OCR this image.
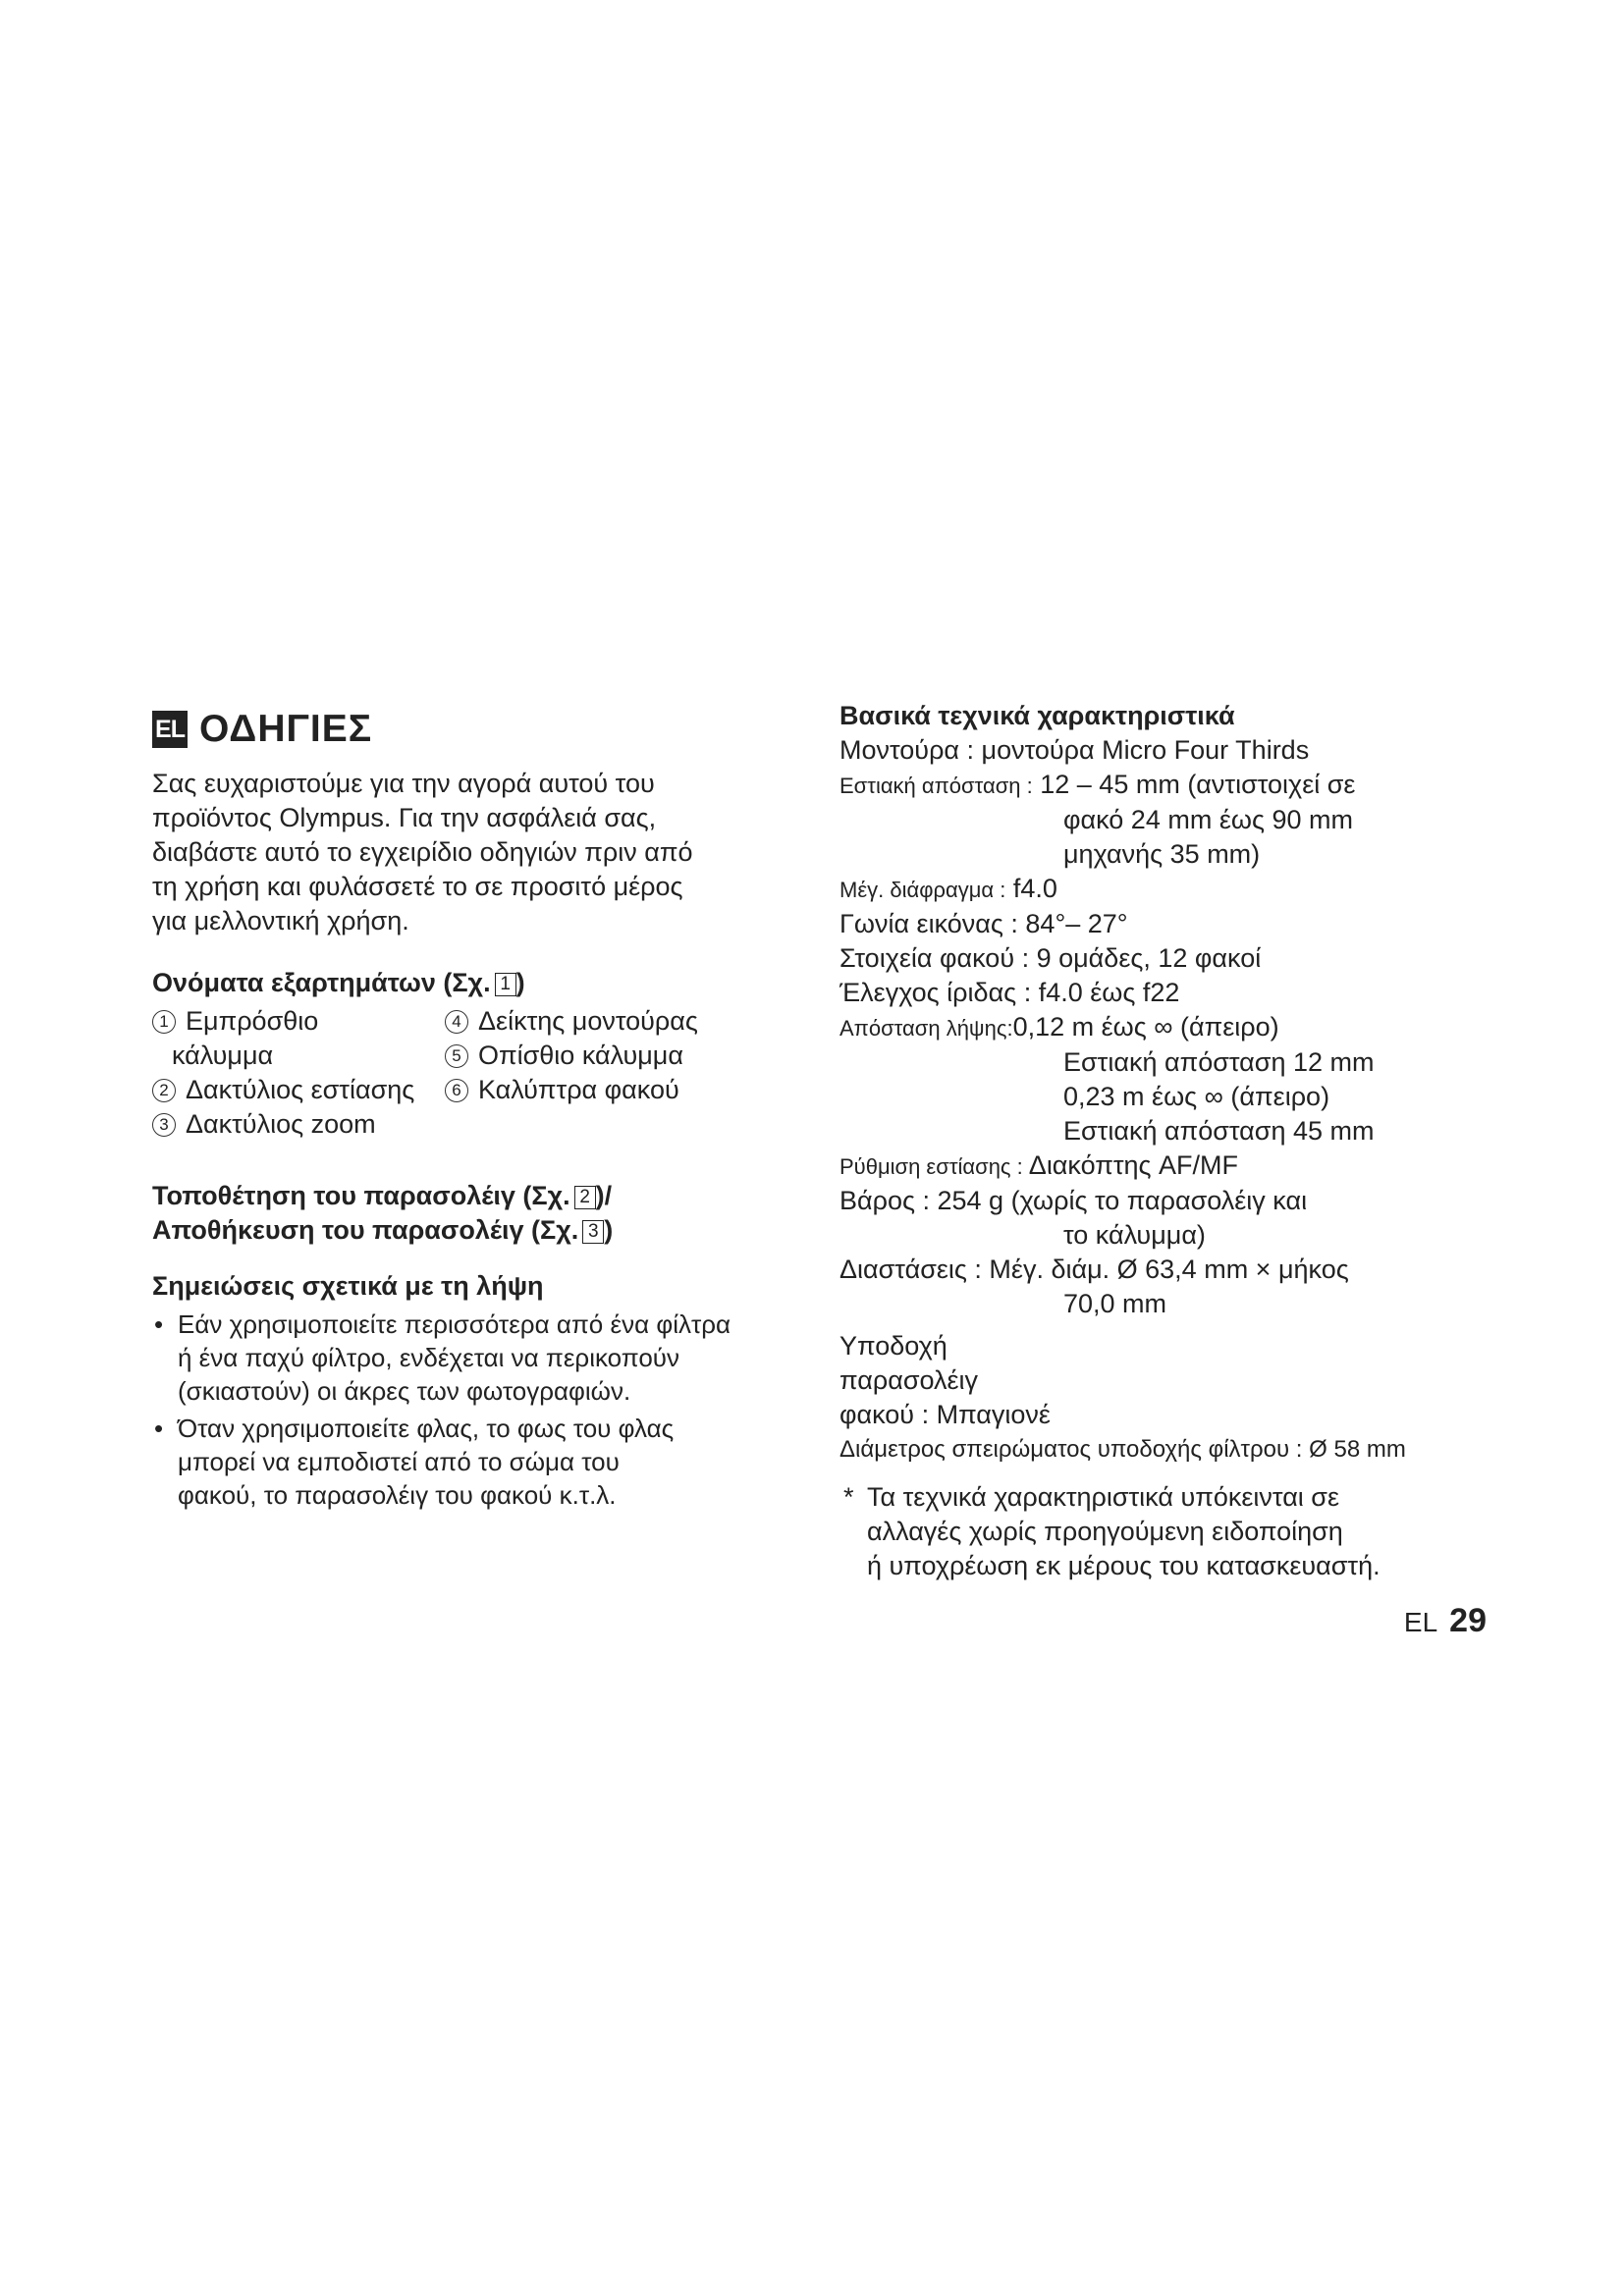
EL ΟΔΗΓΙΕΣ

Σας ευχαριστούμε για την αγορά αυτού του

προϊόντος Olympus. Για την ασφάλειά σας,

διαβάστε αυτό το εγχειρίδιο οδηγιών πριν από

τη χρήση και φυλάσσετέ το σε προσιτό μέρος

για μελλοντική χρήση.

Ονόματα εξαρτημάτων (Σχ. 1 )

1 Εμπρόσθιο
κάλυμμα
2 Δακτύλιος εστίασης
3 Δακτύλιος zoom
4 Δείκτης μοντούρας
5 Οπίσθιο κάλυμμα
6 Καλύπτρα φακού

Τοποθέτηση του παρασολέιγ (Σχ. 2 )/

Αποθήκευση του παρασολέιγ (Σχ. 3 )

Σημειώσεις σχετικά με τη λήψη

• Εάν χρησιμοποιείτε περισσότερα από ένα φίλτρα
ή ένα παχύ φίλτρο, ενδέχεται να περικοπούν
(σκιαστούν) οι άκρες των φωτογραφιών.
• Όταν χρησιμοποιείτε φλας, το φως του φλας
μπορεί να εμποδιστεί από το σώμα του
φακού, το παρασολέιγ του φακού κ.τ.λ.

Βασικά τεχνικά χαρακτηριστικά

Μοντούρα : μοντούρα Micro Four Thirds
Εστιακή απόσταση : 12 – 45 mm (αντιστοιχεί σε
φακό 24 mm έως 90 mm
μηχανής 35 mm)
Μέγ. διάφραγμα : f4.0
Γωνία εικόνας : 84°– 27°
Στοιχεία φακού : 9 ομάδες, 12 φακοί
Έλεγχος ίριδας : f4.0 έως f22
Απόσταση λήψης:0,12 m έως ∞ (άπειρο)
Εστιακή απόσταση 12 mm
0,23 m έως ∞ (άπειρο)
Εστιακή απόσταση 45 mm
Ρύθμιση εστίασης : Διακόπτης AF/MF
Βάρος : 254 g (χωρίς το παρασολέιγ και
το κάλυμμα)
Διαστάσεις : Μέγ. διάμ. Ø 63,4 mm × μήκος
70,0 mm
Υποδοχή
παρασολέιγ
φακού : Μπαγιονέ
Διάμετρος σπειρώματος υποδοχής φίλτρου : Ø 58 mm
* Τα τεχνικά χαρακτηριστικά υπόκεινται σε
αλλαγές χωρίς προηγούμενη ειδοποίηση
ή υποχρέωση εκ μέρους του κατασκευαστή.
EL 29
